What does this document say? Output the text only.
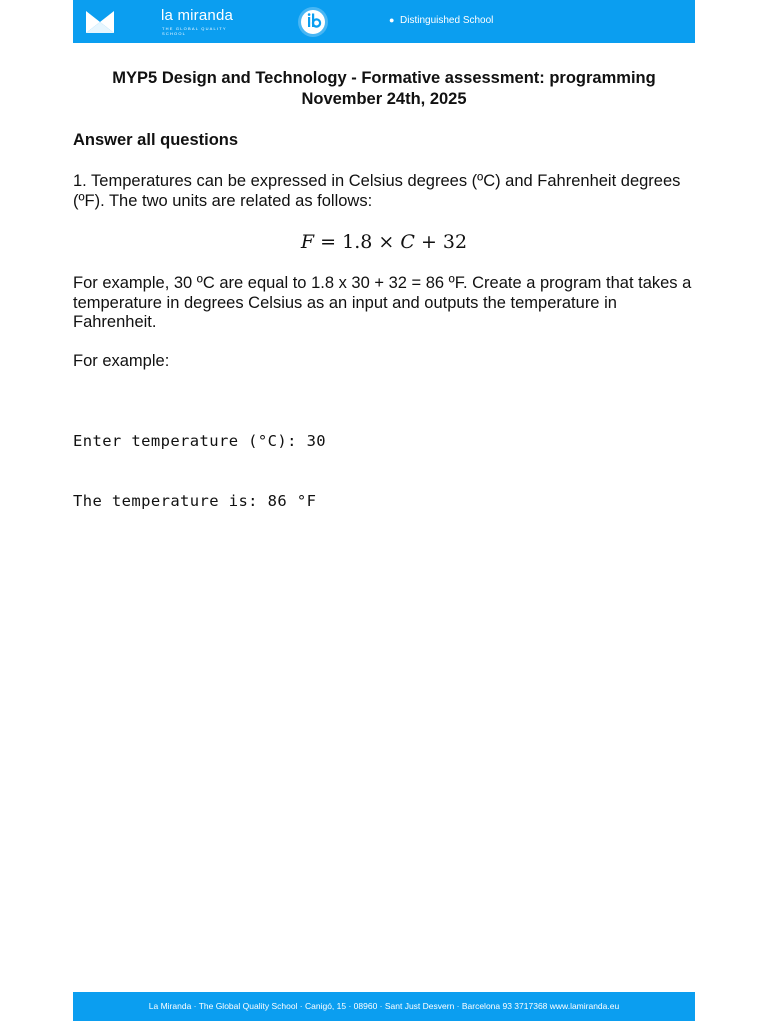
la miranda
THE GLOBAL QUALITY SCHOOL
● Distinguished School
MYP5 Design and Technology - Formative assessment: programming
November 24th, 2025
Answer all questions
1. Temperatures can be expressed in Celsius degrees (ºC) and Fahrenheit degrees (ºF). The two units are related as follows:
F = 1.8 × C + 32
For example, 30 ºC are equal to 1.8 x 30 + 32 = 86 ºF. Create a program that takes a temperature in degrees Celsius as an input and outputs the temperature in Fahrenheit.
For example:

Enter temperature (°C): 30

The temperature is: 86 °F

La Miranda · The Global Quality School · Canigó, 15 · 08960 · Sant Just Desvern · Barcelona 93 3717368 www.lamiranda.eu
